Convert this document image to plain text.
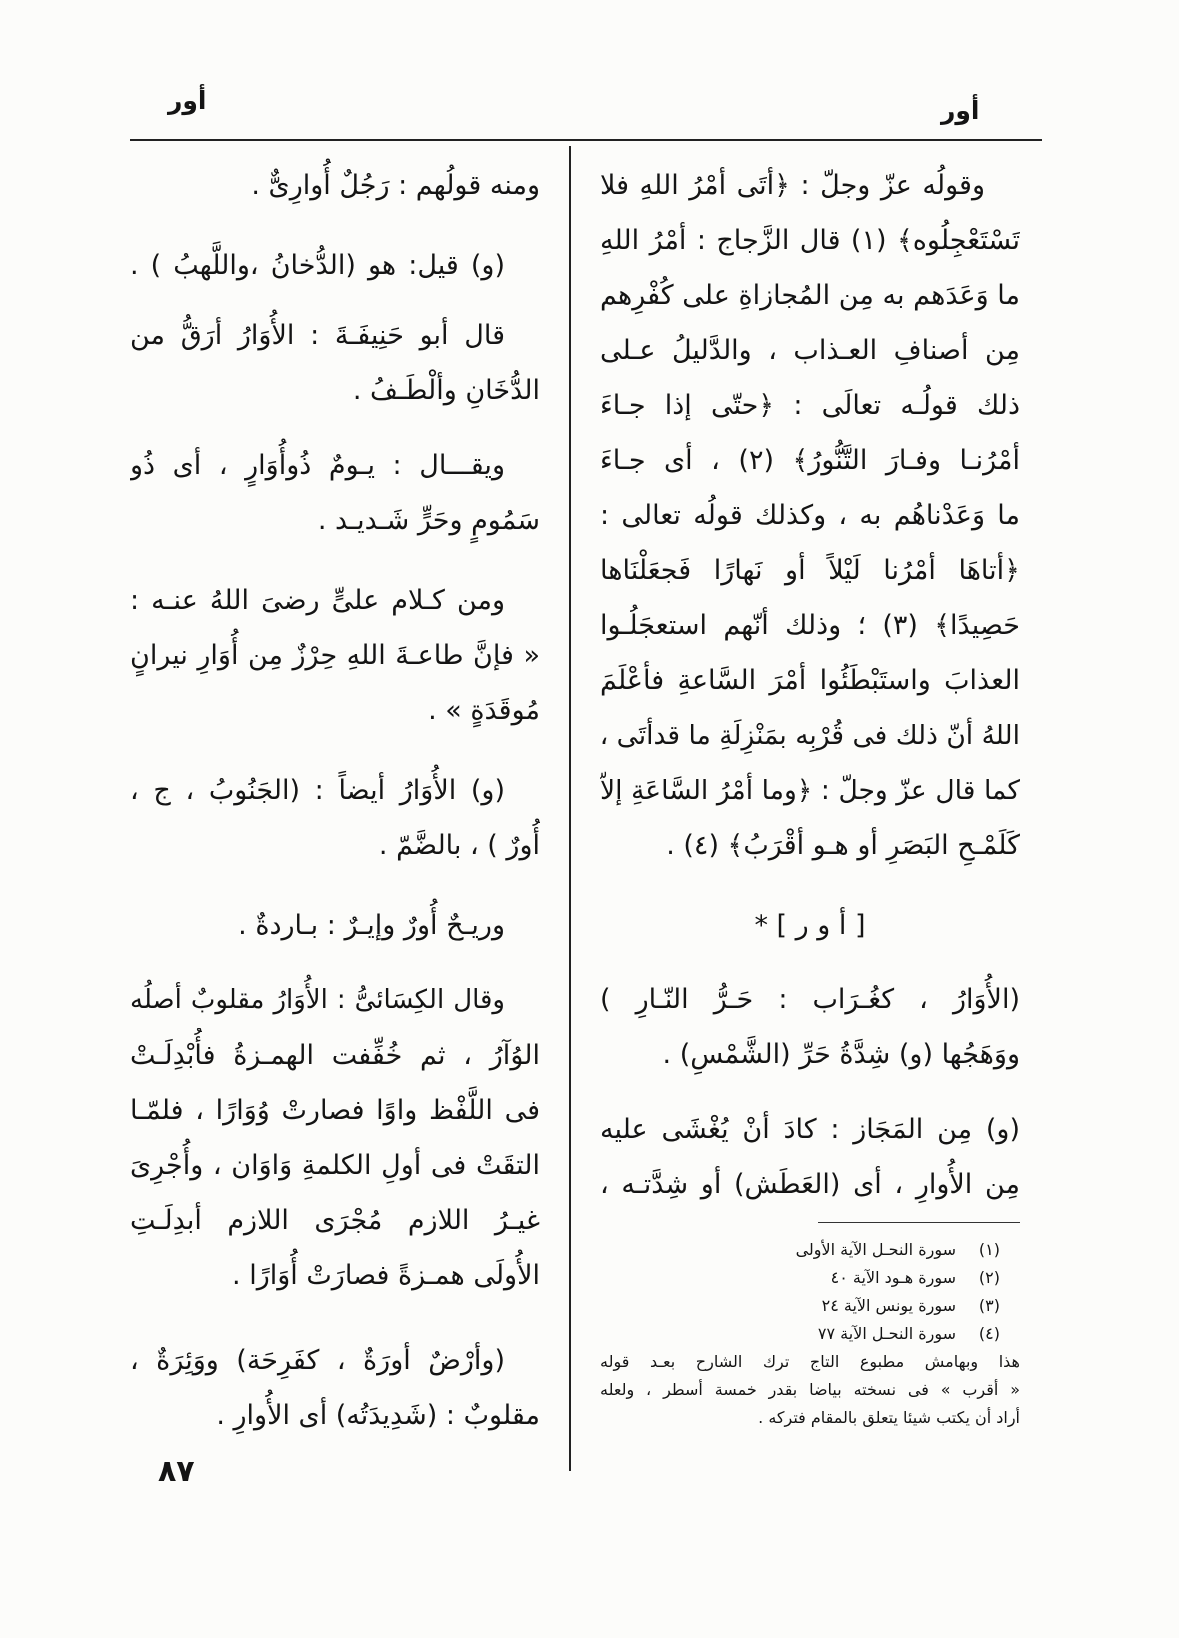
أور	أور
وقولُه عزّ وجلّ : ﴿أتَى أمْرُ اللهِ فلا
تَسْتَعْجِلُوه﴾ (١) قال الزَّجاج : أمْرُ اللهِ
ما وَعَدَهم به مِن المُجازاةِ على كُفْرِهم
مِن أصنافِ العـذاب ، والدَّليلُ عـلى
ذلك قولُـه تعالَى : ﴿حتّى إذا جـاءَ
أمْرُنـا وفـارَ التَّنُّورُ﴾ (٢) ، أى جـاءَ
ما وَعَدْناهُم به ، وكذلك قولُه تعالى :
﴿أتاهَا أمْرُنا لَيْلاً أو نَهارًا فَجعَلْنَاها
حَصِيدًا﴾ (٣) ؛ وذلك أنّهم استعجَلُـوا
العذابَ واستَبْطَئُوا أمْرَ السَّاعةِ فأعْلَمَ
اللهُ أنّ ذلك فى قُرْبِه بمَنْزِلَةِ ما قدأتَى ،
كما قال عزّ وجلّ : ﴿وما أمْرُ السَّاعَةِ إلاّ
كَلَمْـحِ البَصَرِ أو هـو أقْرَبُ﴾ (٤) .
[ أ و ر ] *
(الأُوَارُ ، كغُـرَاب : حَـرُّ النّـارِ )
ووَهَجُها (و) شِدَّةُ حَرِّ (الشَّمْسِ) .
(و) مِن المَجَاز : كادَ أنْ يُغْشَى عليه
مِن الأُوارِ ، أى (العَطَش) أو شِدَّتـه ،
(١)
سورة النحـل الآية الأولى
(٢)
سورة هـود الآية ٤٠
(٣)
سورة يونس الآية ٢٤
(٤)
سورة النحـل الآية ٧٧
هذا وبهامش مطبوع التاج ترك الشارح بعـد قوله
« أقرب » فى نسخته بياضا بقدر خمسة أسطر ، ولعله
أراد أن يكتب شيئا يتعلق بالمقام فتركه .
ومنه قولُهم : رَجُلٌ أُوارِىٌّ .
(و) قيل: هو (الدُّخانُ ،واللَّهبُ ) .
قال أبو حَنِيفَـةَ : الأُوَارُ أرَقُّ من
الدُّخَانِ وألْطَـفُ .
ويقـــال : يـومٌ ذُوأُوَارٍ ، أى ذُو
سَمُومٍ وحَرٍّ شَـديـد .
ومن كـلام علىٍّ رضىَ اللهُ عنـه :
« فإنَّ طاعـةَ اللهِ حِرْزٌ مِن أُوَارِ نيرانٍ
مُوقَدَةٍ » .
(و) الأُوَارُ أيضاً : (الجَنُوبُ ، ج ،
أُورٌ ) ، بالضَّمّ .
وريـحٌ أُورٌ وإيـرٌ : بـاردةٌ .
وقال الكِسَائىُّ : الأُوَارُ مقلوبٌ أصلُه
الوُآرُ ، ثم خُفِّفت الهمـزةُ فأُبْدِلَـتْ
فى اللَّفْظ واوًا فصارتْ وُوَارًا ، فلمّـا
التقَتْ فى أولِ الكلمةِ وَاوَان ، وأُجْرِىَ
غيـرُ اللازم مُجْرَى اللازم أبدِلَـتِ
الأُولَى همـزةً فصارَتْ أُوَارًا .
(وأرْضٌ أورَةٌ ، كفَرِحَة) ووَئِرَةٌ ،
مقلوبٌ : (شَدِيدَتُه) أى الأُوارِ .
٨٧
